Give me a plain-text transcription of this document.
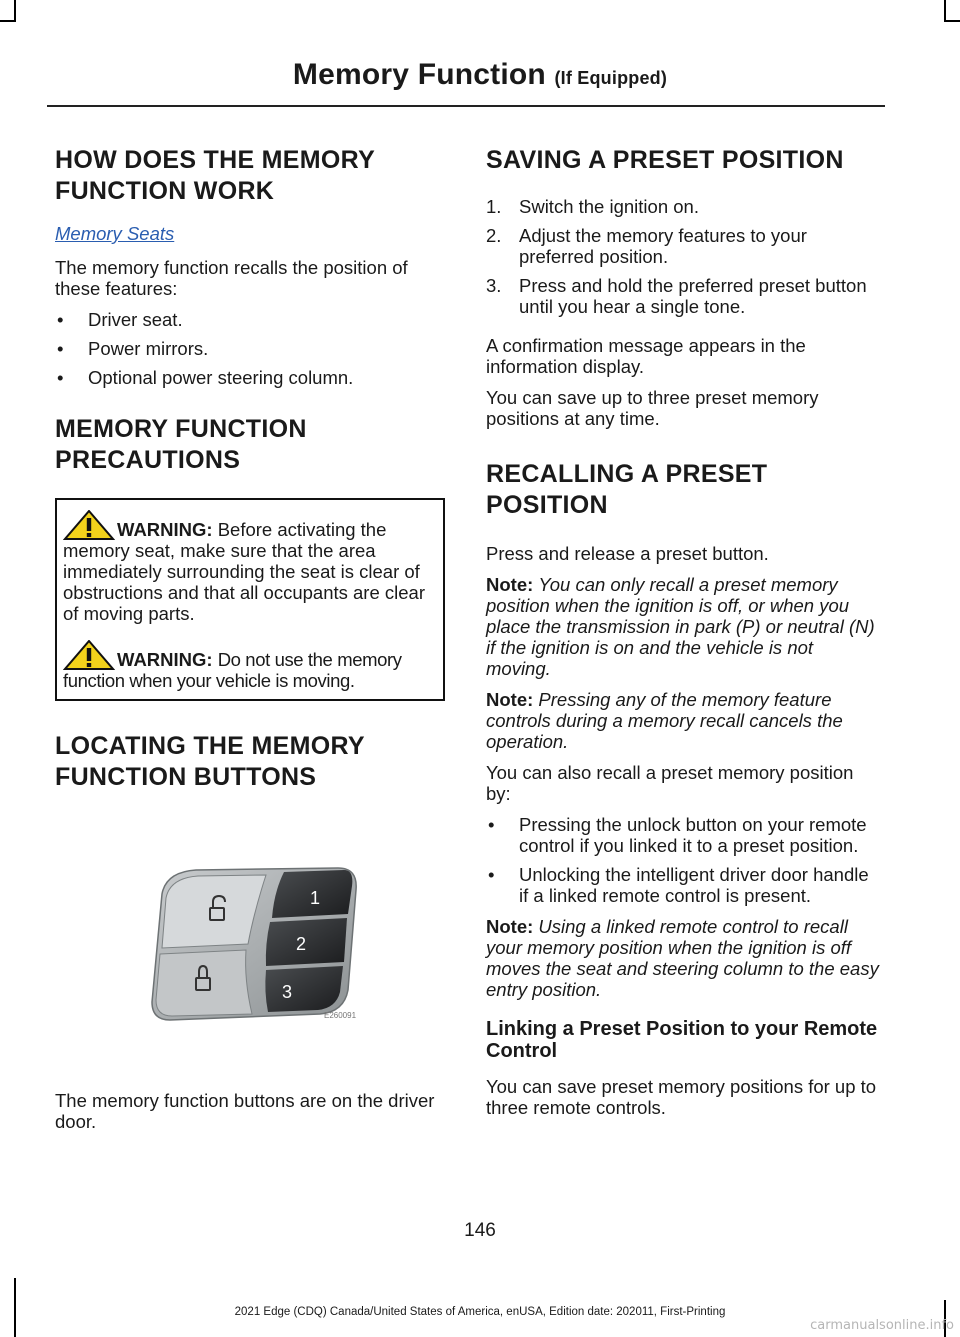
Memory Function (If Equipped)
HOW DOES THE MEMORY FUNCTION WORK
Memory Seats

The memory function recalls the position of these features:

• Driver seat.
• Power mirrors.
• Optional power steering column.
MEMORY FUNCTION PRECAUTIONS
WARNING: Before activating the memory seat, make sure that the area immediately surrounding the seat is clear of obstructions and that all occupants are clear of moving parts.
WARNING: Do not use the memory function when your vehicle is moving.
LOCATING THE MEMORY FUNCTION BUTTONS
1
2
3
E260091

The memory function buttons are on the driver door.

SAVING A PRESET POSITION
1. Switch the ignition on.
2. Adjust the memory features to your preferred position.
3. Press and hold the preferred preset button until you hear a single tone.

A confirmation message appears in the information display.

You can save up to three preset memory positions at any time.

RECALLING A PRESET POSITION

Press and release a preset button.

Note: You can only recall a preset memory position when the ignition is off, or when you place the transmission in park (P) or neutral (N) if the ignition is on and the vehicle is not moving.

Note: Pressing any of the memory feature controls during a memory recall cancels the operation.

You can also recall a preset memory position by:

• Pressing the unlock button on your remote control if you linked it to a preset position.
• Unlocking the intelligent driver door handle if a linked remote control is present.

Note: Using a linked remote control to recall your memory position when the ignition is off moves the seat and steering column to the easy entry position.

Linking a Preset Position to your Remote Control

You can save preset memory positions for up to three remote controls.

146
2021 Edge (CDQ) Canada/United States of America, enUSA, Edition date: 202011, First-Printing
carmanualsonline.info
